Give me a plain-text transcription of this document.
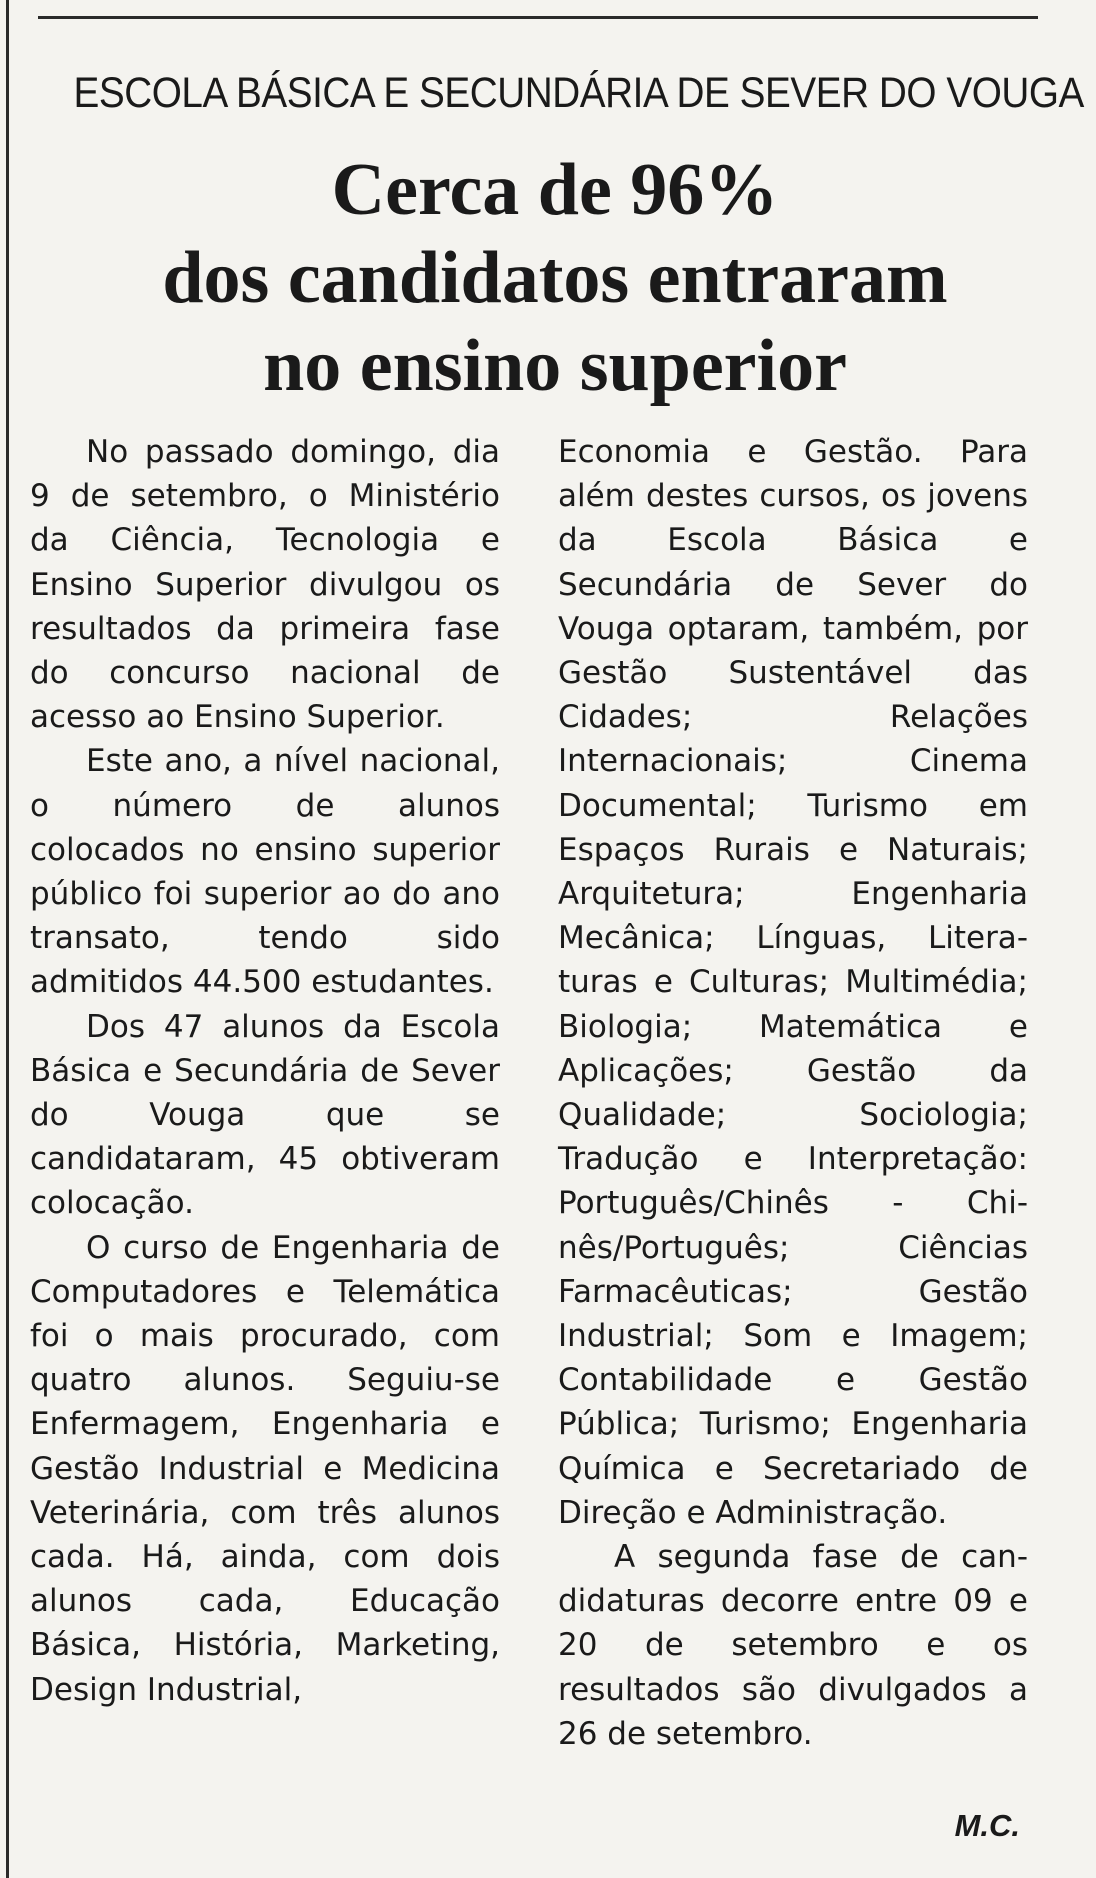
ESCOLA BÁSICA E SECUNDÁRIA DE SEVER DO VOUGA
Cerca de 96%
dos candidatos entraram
no ensino superior

No passado domingo, dia 9 de setembro, o Ministério da Ciência, Tecnologia e Ensino Superior divulgou os resultados da primeira fase do concurso nacional de acesso ao Ensino Superior.

Este ano, a nível nacional, o número de alunos colocados no ensino superior público foi superior ao do ano transato, tendo sido admitidos 44.500 estudantes.

Dos 47 alunos da Escola Básica e Secundária de Sever do Vouga que se candidataram, 45 obtiveram colocação.

O curso de Engenharia de Computadores e Telemática foi o mais procurado, com quatro alunos. Seguiu-se Enfermagem, Engenharia e Gestão Industrial e Medicina Veterinária, com três alunos cada. Há, ainda, com dois alunos cada, Educação Básica, História, Marketing, Design Industrial,

Economia e Gestão. Para além destes cursos, os jovens da Escola Básica e Secundária de Sever do Vouga optaram, também, por Gestão Sustentável das Cidades; Relações Internacionais; Cinema Documental; Turismo em Espaços Rurais e Naturais; Arquitetura; Engenharia Mecânica; Línguas, Literaturas e Culturas; Multimédia; Biologia; Matemática e Aplicações; Gestão da Qualidade; Sociologia; Tradução e Interpretação: Português/Chinês - Chinês/Português; Ciências Farmacêuticas; Gestão Industrial; Som e Imagem; Contabilidade e Gestão Pública; Turismo; Engenharia Química e Secretariado de Direção e Administração.

A segunda fase de candidaturas decorre entre 09 e 20 de setembro e os resultados são divulgados a 26 de setembro.

M.C.
